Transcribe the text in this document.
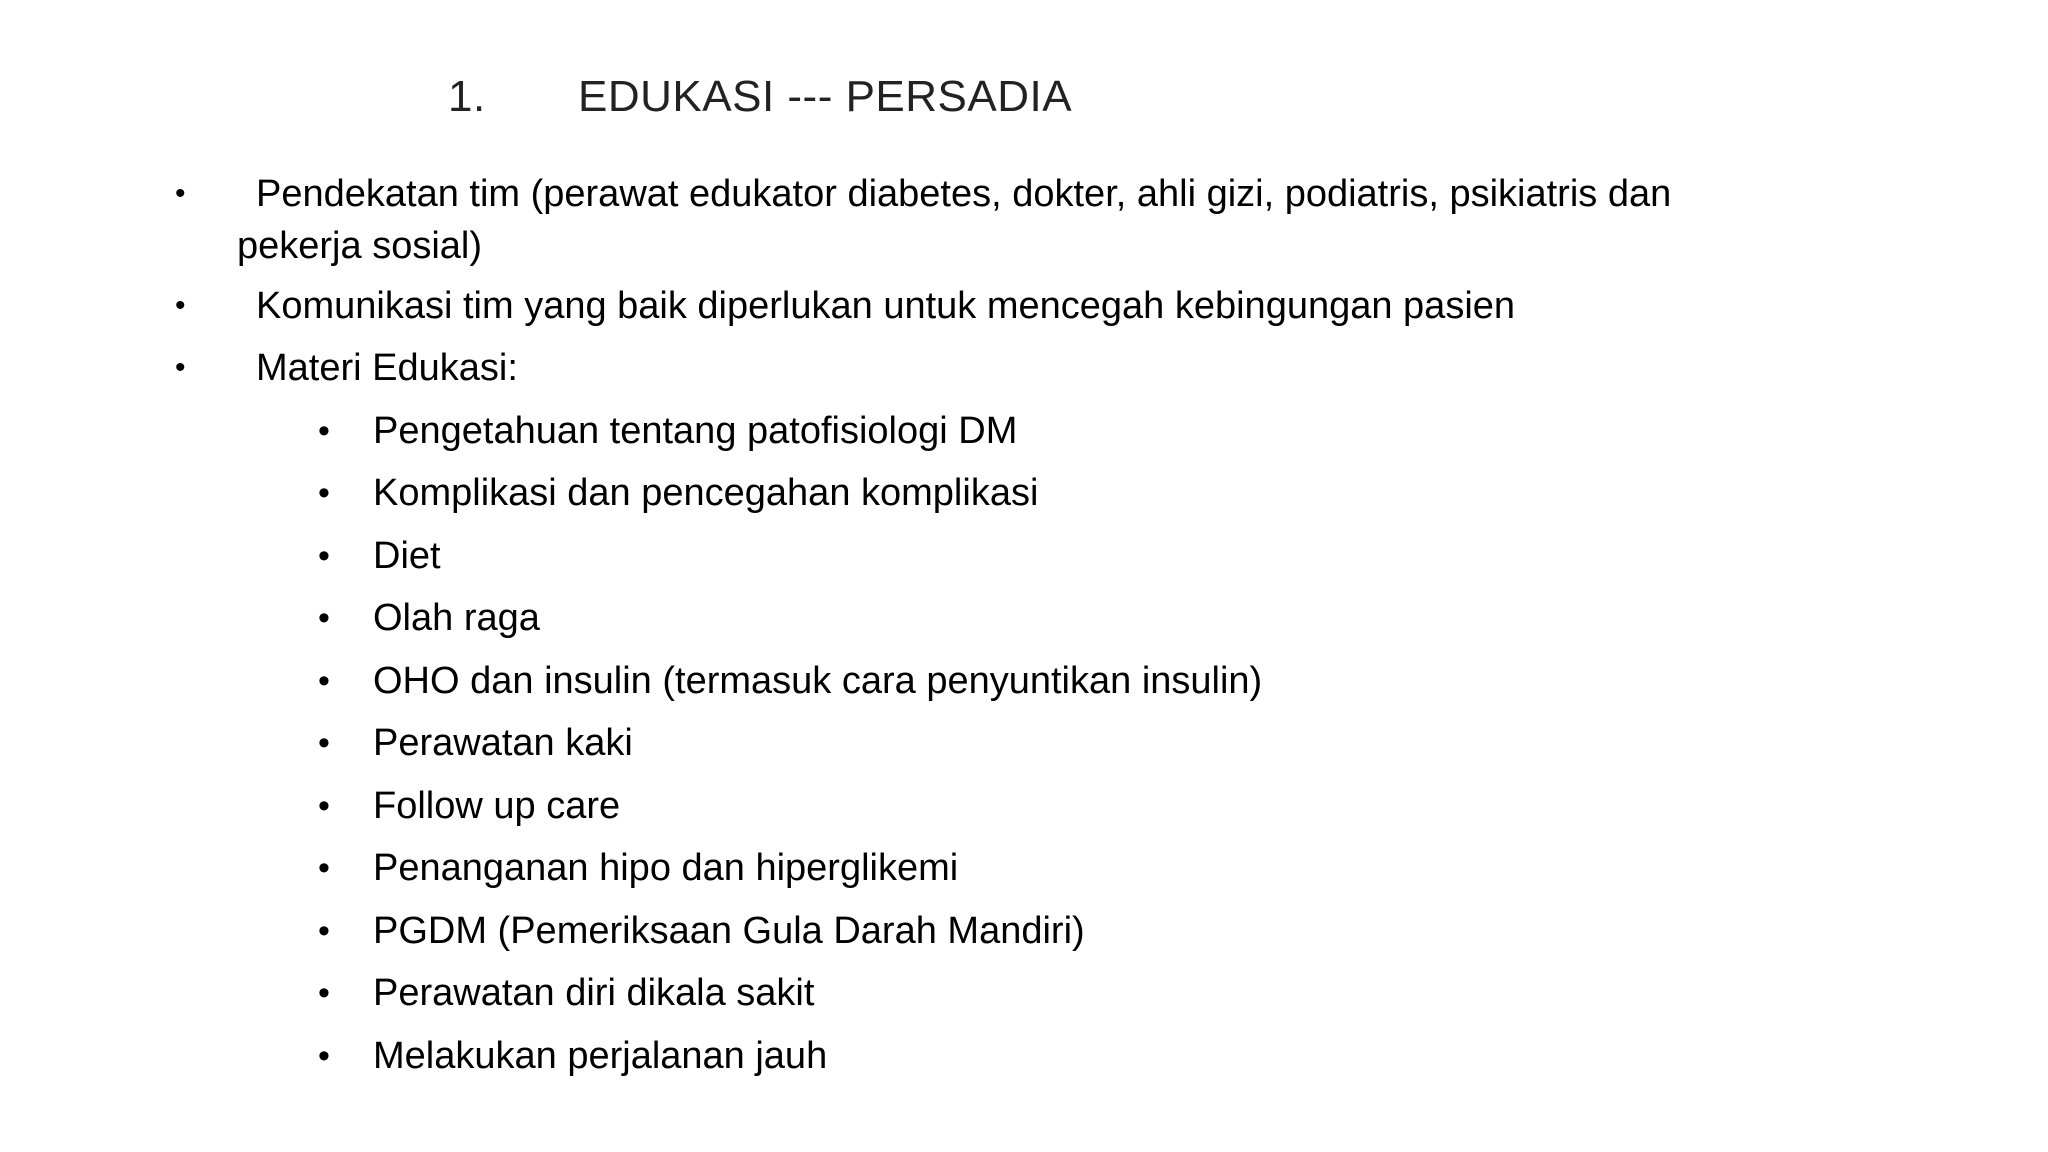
1. EDUKASI --- PERSADIA
•	Pendekatan tim (perawat edukator diabetes, dokter, ahli gizi, podiatris, psikiatris dan
pekerja sosial)
•	Komunikasi tim yang baik diperlukan untuk mencegah kebingungan pasien
•	Materi Edukasi:
•	Pengetahuan tentang patofisiologi DM
•	Komplikasi dan pencegahan komplikasi
•	Diet
•	Olah raga
•	OHO dan insulin (termasuk cara penyuntikan insulin)
•	Perawatan kaki
•	Follow up care
•	Penanganan hipo dan hiperglikemi
•	PGDM (Pemeriksaan Gula Darah Mandiri)
•	Perawatan diri dikala sakit
•	Melakukan perjalanan jauh
